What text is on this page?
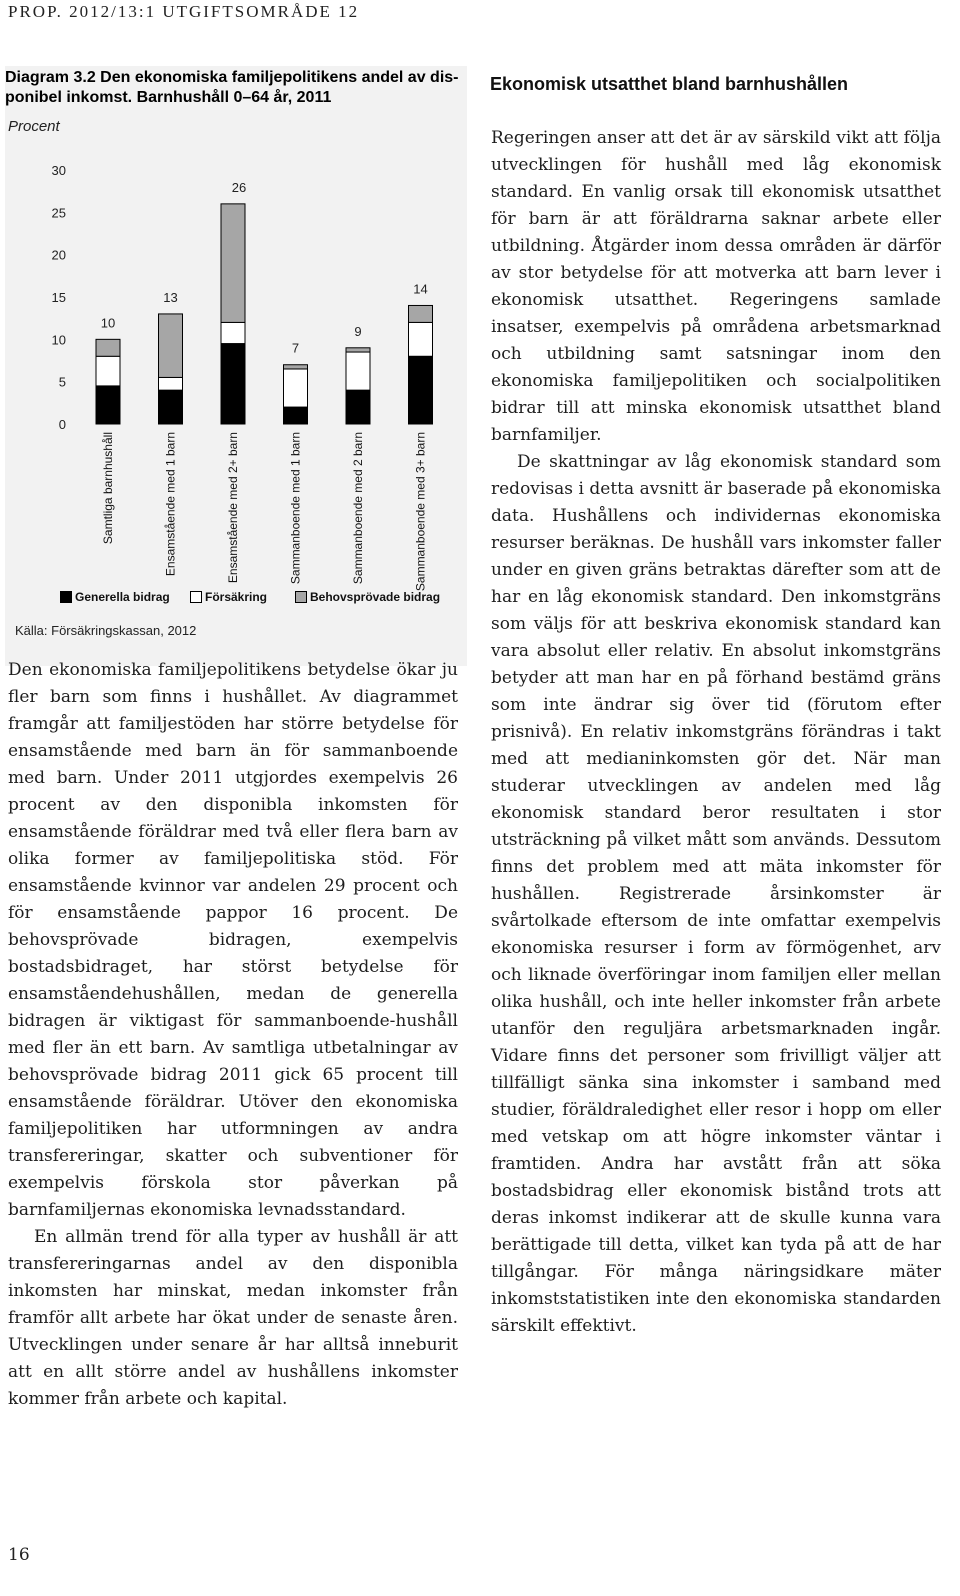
PROP. 2012/13:1 UTGIFTSOMRÅDE 12
Diagram 3.2 Den ekonomiska familjepolitikens andel av dis-
ponibel inkomst. Barnhushåll 0–64 år, 2011
Procent
0
5
10
15
20
25
30
10
Samtliga barnhushåll
13
Ensamstående med 1 barn
26
Ensamstående med 2+ barn
7
Sammanboende med 1 barn
9
Sammanboende med 2 barn
14
Sammanboende med 3+ barn
Generella bidrag	Försäkring	Behovsprövade bidrag
Källa: Försäkringskassan, 2012

Den ekonomiska familjepolitikens betydelse ökar ju fler barn som finns i hushållet. Av diagrammet framgår att familjestöden har större betydelse för ensamstående med barn än för sammanboende med barn. Under 2011 utgjordes exempelvis 26 procent av den disponibla inkomsten för ensamstående föräldrar med två eller flera barn av olika former av familjepolitiska stöd. För ensamstående kvinnor var andelen 29 procent och för ensamstående pappor 16 procent. De behovsprövade bidragen, exempelvis bostadsbidraget, har störst betydelse för ensamståendehushållen, medan de generella bidragen är viktigast för sammanboende-hushåll med fler än ett barn. Av samtliga utbetalningar av behovsprövade bidrag 2011 gick 65 procent till ensamstående föräldrar. Utöver den ekonomiska familjepolitiken har utformningen av andra transfereringar, skatter och subventioner för exempelvis förskola stor påverkan på barnfamiljernas ekonomiska levnadsstandard.

En allmän trend för alla typer av hushåll är att transfereringarnas andel av den disponibla inkomsten har minskat, medan inkomster från framför allt arbete har ökat under de senaste åren. Utvecklingen under senare år har alltså inneburit att en allt större andel av hushållens inkomster kommer från arbete och kapital.

Ekonomisk utsatthet bland barnhushållen

Regeringen anser att det är av särskild vikt att följa utvecklingen för hushåll med låg ekonomisk standard. En vanlig orsak till ekonomisk utsatthet för barn är att föräldrarna saknar arbete eller utbildning. Åtgärder inom dessa områden är därför av stor betydelse för att motverka att barn lever i ekonomisk utsatthet. Regeringens samlade insatser, exempelvis på områdena arbetsmarknad och utbildning samt satsningar inom den ekonomiska familjepolitiken och socialpolitiken bidrar till att minska ekonomisk utsatthet bland barnfamiljer.

De skattningar av låg ekonomisk standard som redovisas i detta avsnitt är baserade på ekonomiska data. Hushållens och individernas ekonomiska resurser beräknas. De hushåll vars inkomster faller under en given gräns betraktas därefter som att de har en låg ekonomisk standard. Den inkomstgräns som väljs för att beskriva ekonomisk standard kan vara absolut eller relativ. En absolut inkomstgräns betyder att man har en på förhand bestämd gräns som inte ändrar sig över tid (förutom efter prisnivå). En relativ inkomstgräns förändras i takt med att medianinkomsten gör det. När man studerar utvecklingen av andelen med låg ekonomisk standard beror resultaten i stor utsträckning på vilket mått som används. Dessutom finns det problem med att mäta inkomster för hushållen. Registrerade årsinkomster är svårtolkade eftersom de inte omfattar exempelvis ekonomiska resurser i form av förmögenhet, arv och liknade överföringar inom familjen eller mellan olika hushåll, och inte heller inkomster från arbete utanför den reguljära arbetsmarknaden ingår. Vidare finns det personer som frivilligt väljer att tillfälligt sänka sina inkomster i samband med studier, föräldraledighet eller resor i hopp om eller med vetskap om att högre inkomster väntar i framtiden. Andra har avstått från att söka bostadsbidrag eller ekonomisk bistånd trots att deras inkomst indikerar att de skulle kunna vara berättigade till detta, vilket kan tyda på att de har tillgångar. För många näringsidkare mäter inkomststatistiken inte den ekonomiska standarden särskilt effektivt.

16
